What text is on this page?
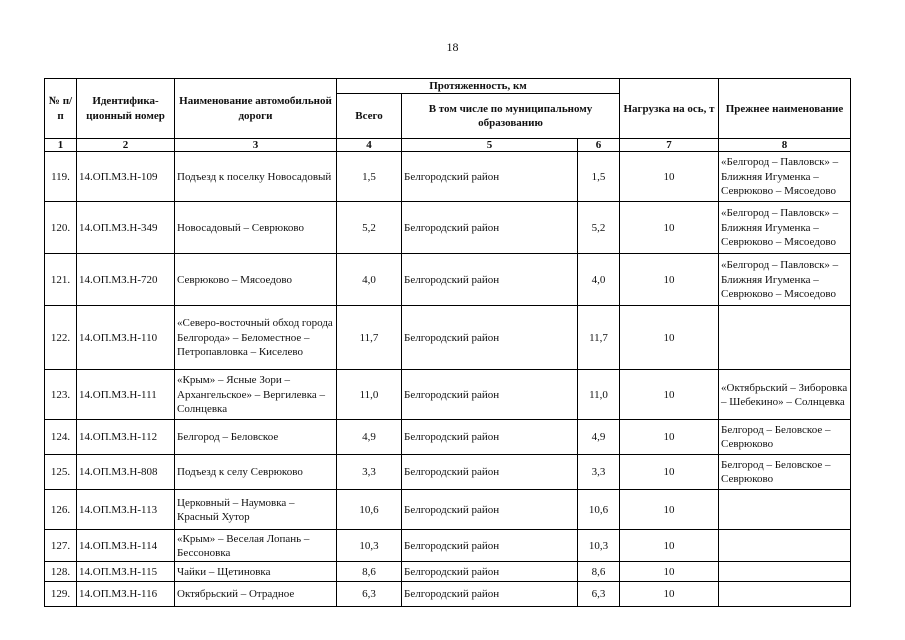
18
№ п/п	Идентифика-ционный номер	Наименование автомобильной дороги	Протяженность, км			Нагрузка на ось, т	Прежнее наименование
			Всего	В том числе по муниципальному образованию			
1	2	3	4	5	6	7	8
119.	14.ОП.МЗ.Н-109	Подъезд к поселку Новосадовый	1,5	Белгородский район	1,5	10	«Белгород – Павловск» – Ближняя Игуменка – Севрюково – Мясоедово
120.	14.ОП.МЗ.Н-349	Новосадовый – Севрюково	5,2	Белгородский район	5,2	10	«Белгород – Павловск» – Ближняя Игуменка – Севрюково – Мясоедово
121.	14.ОП.МЗ.Н-720	Севрюково – Мясоедово	4,0	Белгородский район	4,0	10	«Белгород – Павловск» – Ближняя Игуменка – Севрюково – Мясоедово
122.	14.ОП.МЗ.Н-110	«Северо-восточный обход города Белгорода» – Беломестное – Петропавловка – Киселево	11,7	Белгородский район	11,7	10	
123.	14.ОП.МЗ.Н-111	«Крым» – Ясные Зори – Архангельское» – Вергилевка – Солнцевка	11,0	Белгородский район	11,0	10	«Октябрьский – Зиборовка – Шебекино» – Солнцевка
124.	14.ОП.МЗ.Н-112	Белгород – Беловское	4,9	Белгородский район	4,9	10	Белгород – Беловское – Севрюково
125.	14.ОП.МЗ.Н-808	Подъезд к селу Севрюково	3,3	Белгородский район	3,3	10	Белгород – Беловское – Севрюково
126.	14.ОП.МЗ.Н-113	Церковный – Наумовка – Красный Хутор	10,6	Белгородский район	10,6	10	
127.	14.ОП.МЗ.Н-114	«Крым» – Веселая Лопань – Бессоновка	10,3	Белгородский район	10,3	10	
128.	14.ОП.МЗ.Н-115	Чайки – Щетиновка	8,6	Белгородский район	8,6	10	
129.	14.ОП.МЗ.Н-116	Октябрьский – Отрадное	6,3	Белгородский район	6,3	10	
